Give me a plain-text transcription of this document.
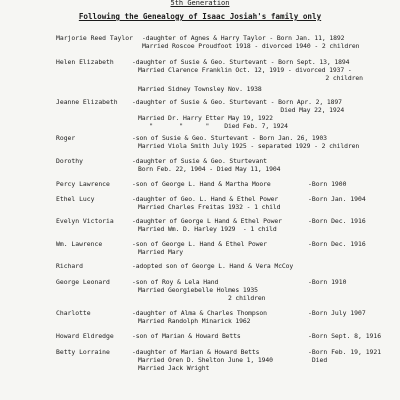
5th Generation
Following the Genealogy of Isaac Josiah's family only
Marjorie Reed Taylor -daughter of Agnes & Harry Taylor - Born Jan. 11, 1892
Married Roscoe Proudfoot 1918 - divorced 1940 - 2 children
Helen Elizabeth	-daughter of Susie & Geo. Sturtevant - Born Sept. 13, 1894
Married Clarence Franklin Oct. 12, 1919 - divorced 1937 -
2 children
Married Sidney Townsley Nov. 1938
Jeanne Elizabeth -daughter of Susie & Geo. Sturtevant - Born Apr. 2, 1897
Died May 22, 1924
Married Dr. Harry Etter May 19, 1922
"       "      "    Died Feb. 7, 1924
Roger	-son of Susie & Geo. Sturtevant - Born Jan. 26, 1903
Married Viola Smith July 1925 - separated 1929 - 2 children
Dorothy	-daughter of Susie & Geo. Sturtevant
Born Feb. 22, 1904 - Died May 11, 1904
Percy Lawrence	-son of George L. Hand & Martha Moore	-Born 1900
Ethel Lucy	-daughter of Geo. L. Hand & Ethel Power
Married Charles Freitas 1932 - 1 child
-Born Jan. 1904
Evelyn Victoria	-daughter of George L Hand & Ethel Power
Married Wm. D. Harley 1929  - 1 child
-Born Dec. 1916
Wm. Lawrence	-son of George L. Hand & Ethel Power
Married Mary
-Born Dec. 1916
Richard	-adopted son of George L. Hand & Vera McCoy
George Leonard	-son of Roy & Lela Hand
Married Georgiebelle Holmes 1935
2 children
-Born 1910
Charlotte	-daughter of Alma & Charles Thompson
Married Randolph Minarick 1962
-Born July 1907
Howard Eldredge	-son of Marian & Howard Betts	-Born Sept. 8, 1916
Betty Lorraine	-daughter of Marian & Howard Betts
Married Oren D. Shelton June 1, 1940
Married Jack Wright
-Born Feb. 19, 1921
Died
